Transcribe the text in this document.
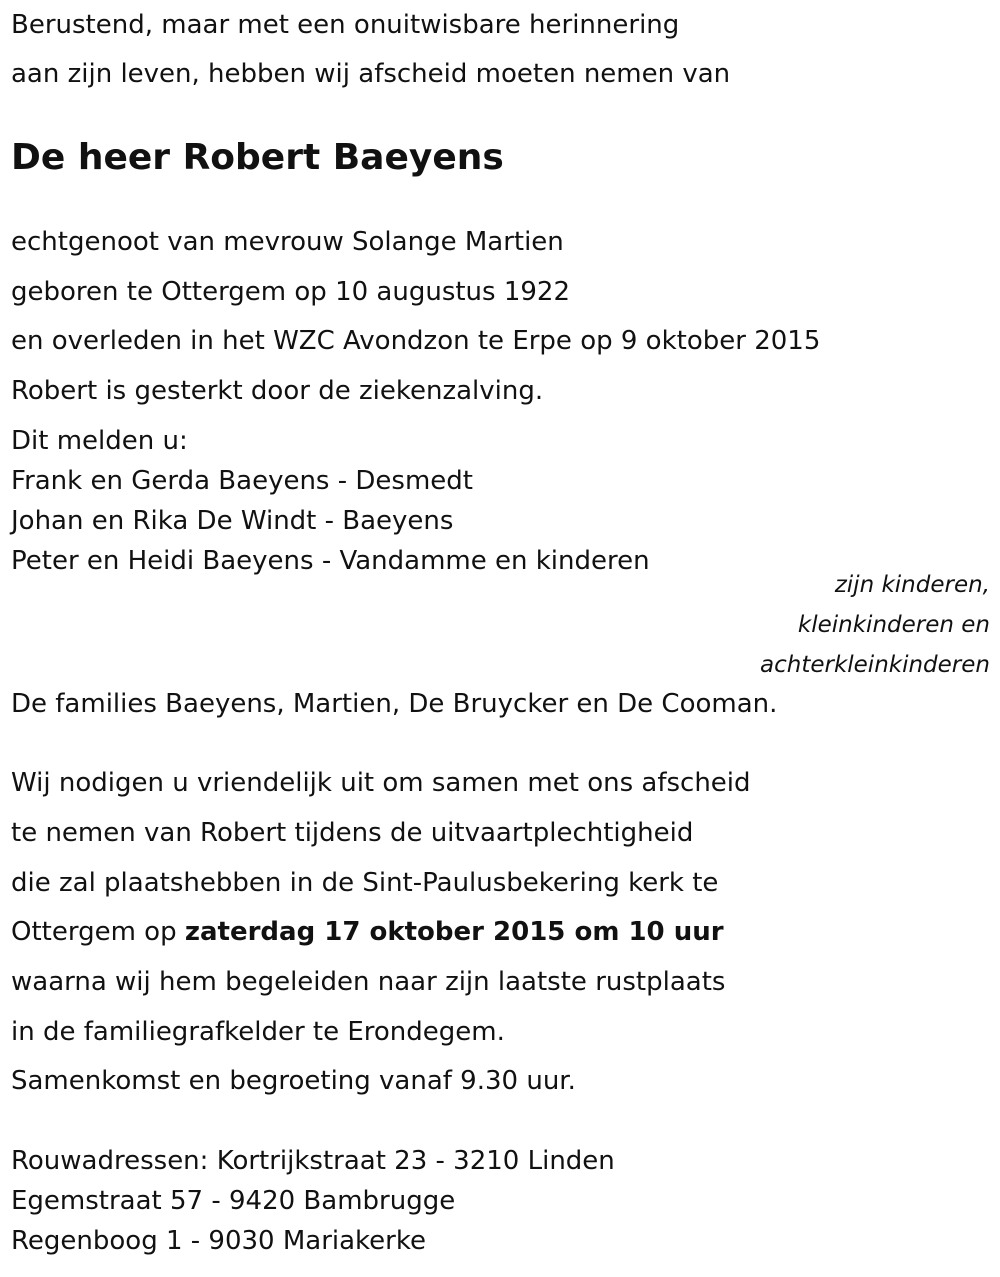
Berustend, maar met een onuitwisbare herinnering
aan zijn leven, hebben wij afscheid moeten nemen van
De heer Robert Baeyens
echtgenoot van mevrouw Solange Martien
geboren te Ottergem op 10 augustus 1922
en overleden in het WZC Avondzon te Erpe op 9 oktober 2015
Robert is gesterkt door de ziekenzalving.
Dit melden u:
Frank en Gerda Baeyens - Desmedt
Johan en Rika De Windt - Baeyens
Peter en Heidi Baeyens - Vandamme en kinderen
zijn kinderen,
kleinkinderen en
achterkleinkinderen
De families Baeyens, Martien, De Bruycker en De Cooman.
Wij nodigen u vriendelijk uit om samen met ons afscheid
te nemen van Robert tijdens de uitvaartplechtigheid
die zal plaatshebben in de Sint-Paulusbekering kerk te
Ottergem op zaterdag 17 oktober 2015 om 10 uur
waarna wij hem begeleiden naar zijn laatste rustplaats
in de familiegrafkelder te Erondegem.
Samenkomst en begroeting vanaf 9.30 uur.
Rouwadressen: Kortrijkstraat 23 - 3210 Linden
Egemstraat 57 - 9420 Bambrugge
Regenboog 1 - 9030 Mariakerke
